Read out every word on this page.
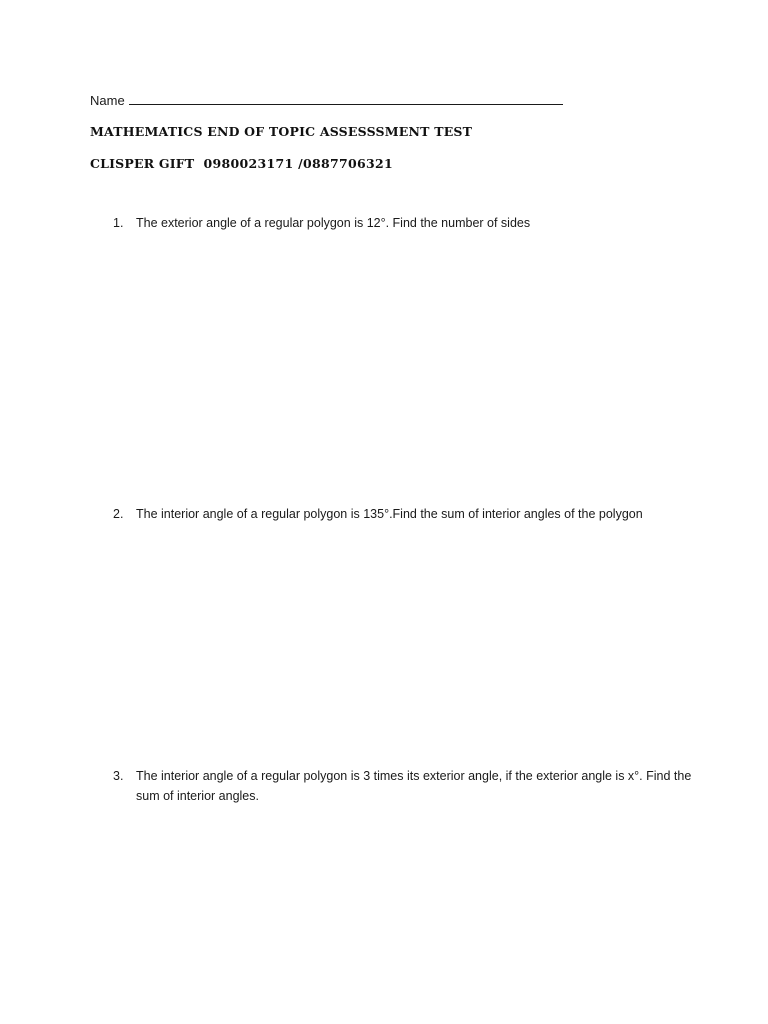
Name
MATHEMATICS END OF TOPIC ASSESSSMENT TEST
CLISPER GIFT 0980023171 /0887706321
1. The exterior angle of a regular polygon is 12°. Find the number of sides
2. The interior angle of a regular polygon is 135°.Find the sum of interior angles of the polygon
3. The interior angle of a regular polygon is 3 times its exterior angle, if the exterior angle is x°. Find the sum of interior angles.
